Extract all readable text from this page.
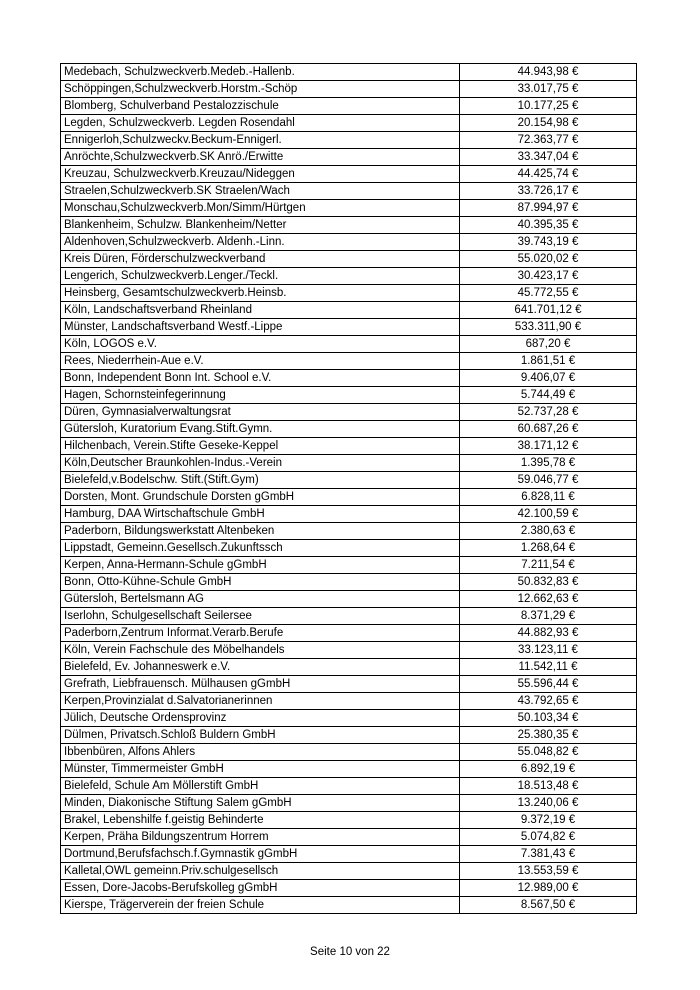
Medebach, Schulzweckverb.Medeb.-Hallenb.	44.943,98 €
Schöppingen,Schulzweckverb.Horstm.-Schöp	33.017,75 €
Blomberg, Schulverband Pestalozzischule	10.177,25 €
Legden, Schulzweckverb. Legden Rosendahl	20.154,98 €
Ennigerloh,Schulzweckv.Beckum-Ennigerl.	72.363,77 €
Anröchte,Schulzweckverb.SK Anrö./Erwitte	33.347,04 €
Kreuzau, Schulzweckverb.Kreuzau/Nideggen	44.425,74 €
Straelen,Schulzweckverb.SK Straelen/Wach	33.726,17 €
Monschau,Schulzweckverb.Mon/Simm/Hürtgen	87.994,97 €
Blankenheim, Schulzw. Blankenheim/Netter	40.395,35 €
Aldenhoven,Schulzweckverb. Aldenh.-Linn.	39.743,19 €
Kreis Düren, Förderschulzweckverband	55.020,02 €
Lengerich, Schulzweckverb.Lenger./Teckl.	30.423,17 €
Heinsberg, Gesamtschulzweckverb.Heinsb.	45.772,55 €
Köln, Landschaftsverband Rheinland	641.701,12 €
Münster, Landschaftsverband Westf.-Lippe	533.311,90 €
Köln, LOGOS e.V.	687,20 €
Rees, Niederrhein-Aue e.V.	1.861,51 €
Bonn, Independent Bonn Int. School e.V.	9.406,07 €
Hagen, Schornsteinfegerinnung	5.744,49 €
Düren, Gymnasialverwaltungsrat	52.737,28 €
Gütersloh, Kuratorium Evang.Stift.Gymn.	60.687,26 €
Hilchenbach, Verein.Stifte Geseke-Keppel	38.171,12 €
Köln,Deutscher Braunkohlen-Indus.-Verein	1.395,78 €
Bielefeld,v.Bodelschw. Stift.(Stift.Gym)	59.046,77 €
Dorsten, Mont. Grundschule Dorsten gGmbH	6.828,11 €
Hamburg, DAA Wirtschaftschule GmbH	42.100,59 €
Paderborn, Bildungswerkstatt Altenbeken	2.380,63 €
Lippstadt, Gemeinn.Gesellsch.Zukunftssch	1.268,64 €
Kerpen, Anna-Hermann-Schule gGmbH	7.211,54 €
Bonn, Otto-Kühne-Schule GmbH	50.832,83 €
Gütersloh, Bertelsmann AG	12.662,63 €
Iserlohn, Schulgesellschaft Seilersee	8.371,29 €
Paderborn,Zentrum Informat.Verarb.Berufe	44.882,93 €
Köln, Verein Fachschule des Möbelhandels	33.123,11 €
Bielefeld, Ev. Johanneswerk e.V.	11.542,11 €
Grefrath, Liebfrauensch. Mülhausen gGmbH	55.596,44 €
Kerpen,Provinzialat d.Salvatorianerinnen	43.792,65 €
Jülich, Deutsche Ordensprovinz	50.103,34 €
Dülmen, Privatsch.Schloß Buldern GmbH	25.380,35 €
Ibbenbüren, Alfons Ahlers	55.048,82 €
Münster, Timmermeister GmbH	6.892,19 €
Bielefeld, Schule Am Möllerstift GmbH	18.513,48 €
Minden, Diakonische Stiftung Salem gGmbH	13.240,06 €
Brakel, Lebenshilfe f.geistig Behinderte	9.372,19 €
Kerpen, Präha Bildungszentrum Horrem	5.074,82 €
Dortmund,Berufsfachsch.f.Gymnastik gGmbH	7.381,43 €
Kalletal,OWL gemeinn.Priv.schulgesellsch	13.553,59 €
Essen, Dore-Jacobs-Berufskolleg gGmbH	12.989,00 €
Kierspe, Trägerverein der freien Schule	8.567,50 €
Seite 10 von 22
